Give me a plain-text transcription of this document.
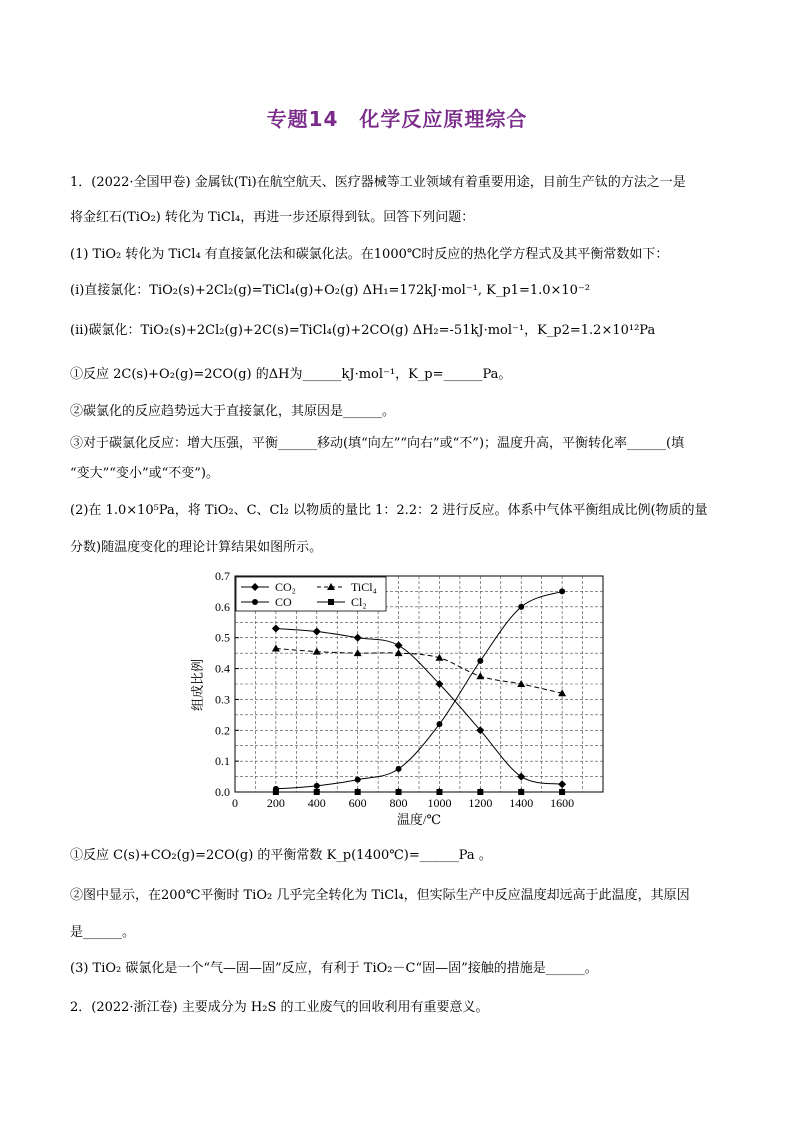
专题14　化学反应原理综合
1．(2022·全国甲卷) 金属钛(Ti)在航空航天、医疗器械等工业领域有着重要用途，目前生产钛的方法之一是
将金红石(TiO₂) 转化为 TiCl₄，再进一步还原得到钛。回答下列问题：
(1) TiO₂ 转化为 TiCl₄ 有直接氯化法和碳氯化法。在1000℃时反应的热化学方程式及其平衡常数如下：
(ⅰ)直接氯化：TiO₂(s)+2Cl₂(g)=TiCl₄(g)+O₂(g) ΔH₁=172kJ·mol⁻¹, K_p1=1.0×10⁻²
(ⅱ)碳氯化：TiO₂(s)+2Cl₂(g)+2C(s)=TiCl₄(g)+2CO(g) ΔH₂=-51kJ·mol⁻¹，K_p2=1.2×10¹²Pa
①反应 2C(s)+O₂(g)=2CO(g) 的ΔH为______kJ·mol⁻¹，K_p=______Pa。
②碳氯化的反应趋势远大于直接氯化，其原因是______。
③对于碳氯化反应：增大压强，平衡______移动(填“向左”“向右”或“不”)；温度升高，平衡转化率______(填
“变大”“变小”或“不变”)。
(2)在 1.0×10⁵Pa，将 TiO₂、C、Cl₂ 以物质的量比 1：2.2：2 进行反应。体系中气体平衡组成比例(物质的量
分数)随温度变化的理论计算结果如图所示。
0 200 400 600 800 1000 1200 1400 1600
0.0
0.1
0.2
0.3
0.4
0.5
0.6
0.7
CO₂	TiCl₄
CO	Cl₂
组成比例
温度/℃
①反应 C(s)+CO₂(g)=2CO(g) 的平衡常数 K_p(1400℃)=______Pa 。
②图中显示，在200℃平衡时 TiO₂ 几乎完全转化为 TiCl₄，但实际生产中反应温度却远高于此温度，其原因
是______。
(3) TiO₂ 碳氯化是一个“气—固—固”反应，有利于 TiO₂－C“固—固”接触的措施是______。
2．(2022·浙江卷) 主要成分为 H₂S 的工业废气的回收利用有重要意义。
